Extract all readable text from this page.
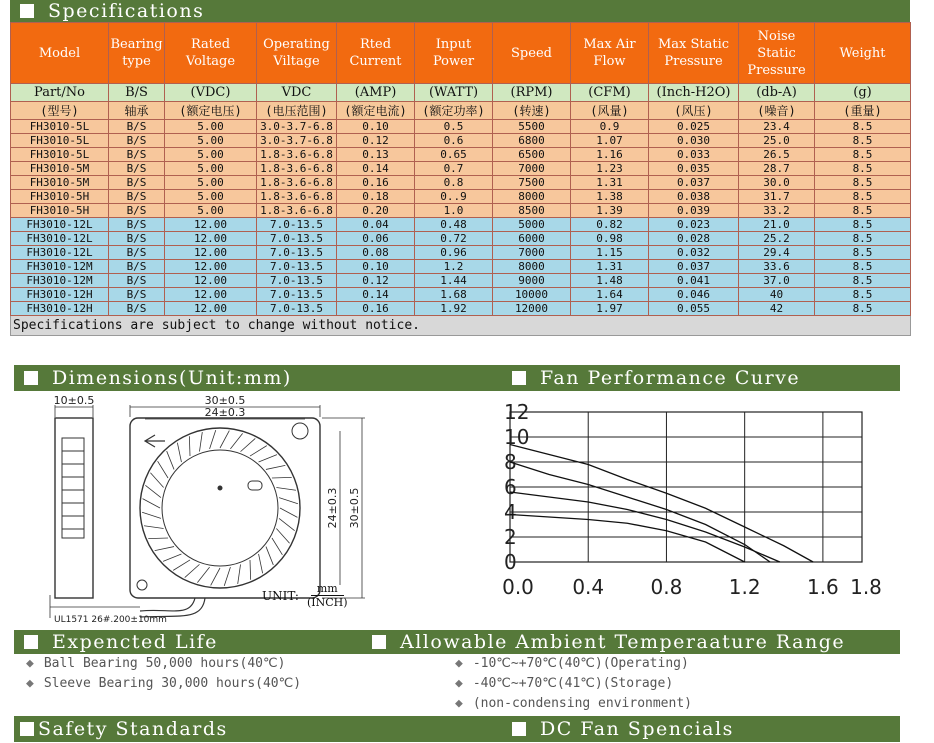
Specifications
Model	Bearing type	Rated Voltage	Operating Viltage	Rted Current	Input Power	Speed	Max Air Flow	Max Static Pressure	Noise Static Pressure	Weight
Part/No	B/S	(VDC)	VDC	(AMP)	(WATT)	(RPM)	(CFM)	(Inch-H2O)	(db-A)	(g)
(型号)	轴承	(额定电压)	(电压范围)	(额定电流)	(额定功率)	(转速)	(风量)	(风压)	(噪音)	(重量)
FH3010-5L	B/S	5.00	3.0-3.7-6.8	0.10	0.5	5500	0.9	0.025	23.4	8.5
FH3010-5L	B/S	5.00	3.0-3.7-6.8	0.12	0.6	6800	1.07	0.030	25.0	8.5
FH3010-5L	B/S	5.00	1.8-3.6-6.8	0.13	0.65	6500	1.16	0.033	26.5	8.5
FH3010-5M	B/S	5.00	1.8-3.6-6.8	0.14	0.7	7000	1.23	0.035	28.7	8.5
FH3010-5M	B/S	5.00	1.8-3.6-6.8	0.16	0.8	7500	1.31	0.037	30.0	8.5
FH3010-5H	B/S	5.00	1.8-3.6-6.8	0.18	0..9	8000	1.38	0.038	31.7	8.5
FH3010-5H	B/S	5.00	1.8-3.6-6.8	0.20	1.0	8500	1.39	0.039	33.2	8.5
FH3010-12L	B/S	12.00	7.0-13.5	0.04	0.48	5000	0.82	0.023	21.0	8.5
FH3010-12L	B/S	12.00	7.0-13.5	0.06	0.72	6000	0.98	0.028	25.2	8.5
FH3010-12L	B/S	12.00	7.0-13.5	0.08	0.96	7000	1.15	0.032	29.4	8.5
FH3010-12M	B/S	12.00	7.0-13.5	0.10	1.2	8000	1.31	0.037	33.6	8.5
FH3010-12M	B/S	12.00	7.0-13.5	0.12	1.44	9000	1.48	0.041	37.0	8.5
FH3010-12H	B/S	12.00	7.0-13.5	0.14	1.68	10000	1.64	0.046	40	8.5
FH3010-12H	B/S	12.00	7.0-13.5	0.16	1.92	12000	1.97	0.055	42	8.5
Specifications are subject to change without notice.										
Dimensions(Unit:mm)	Fan Performance Curve
10±0.5	30±0.5
24±0.3
24±0.3 30±0.5
UL1571 26#.200±10mm
UNIT:	mm
(INCH)
0
2
4
6
8
10
12
0.0 0.4 0.8 1.2 1.6 1.8
Expencted Life	Allowable Ambient Temperaature Range
◆ Ball Bearing 50,000 hours(40℃)
◆ Sleeve Bearing 30,000 hours(40℃)
◆ -10℃~+70℃(40℃)(Operating)
◆ -40℃~+70℃(41℃)(Storage)
◆ (non-condensing environment)
Safety Standards	DC Fan Spencials
